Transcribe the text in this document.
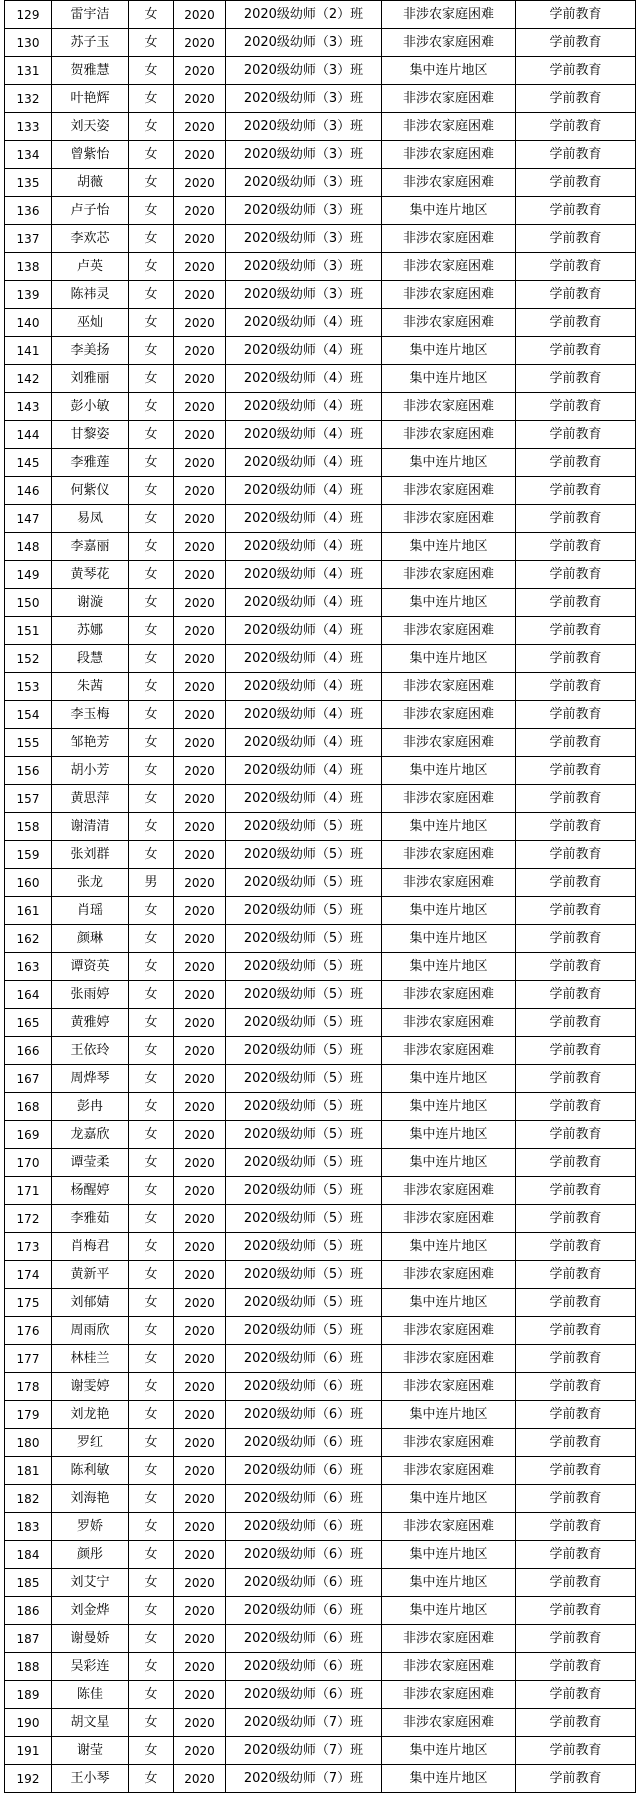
129	雷宇洁	女	2020	2020级幼师（2）班	非涉农家庭困难	学前教育
130	苏子玉	女	2020	2020级幼师（3）班	非涉农家庭困难	学前教育
131	贺雅慧	女	2020	2020级幼师（3）班	集中连片地区	学前教育
132	叶艳辉	女	2020	2020级幼师（3）班	非涉农家庭困难	学前教育
133	刘天姿	女	2020	2020级幼师（3）班	非涉农家庭困难	学前教育
134	曾紫怡	女	2020	2020级幼师（3）班	非涉农家庭困难	学前教育
135	胡薇	女	2020	2020级幼师（3）班	非涉农家庭困难	学前教育
136	卢子怡	女	2020	2020级幼师（3）班	集中连片地区	学前教育
137	李欢芯	女	2020	2020级幼师（3）班	非涉农家庭困难	学前教育
138	卢英	女	2020	2020级幼师（3）班	非涉农家庭困难	学前教育
139	陈祎灵	女	2020	2020级幼师（3）班	非涉农家庭困难	学前教育
140	巫灿	女	2020	2020级幼师（4）班	非涉农家庭困难	学前教育
141	李美扬	女	2020	2020级幼师（4）班	集中连片地区	学前教育
142	刘雅丽	女	2020	2020级幼师（4）班	集中连片地区	学前教育
143	彭小敏	女	2020	2020级幼师（4）班	非涉农家庭困难	学前教育
144	甘黎姿	女	2020	2020级幼师（4）班	非涉农家庭困难	学前教育
145	李雅莲	女	2020	2020级幼师（4）班	集中连片地区	学前教育
146	何紫仪	女	2020	2020级幼师（4）班	非涉农家庭困难	学前教育
147	易凤	女	2020	2020级幼师（4）班	非涉农家庭困难	学前教育
148	李嘉丽	女	2020	2020级幼师（4）班	集中连片地区	学前教育
149	黄琴花	女	2020	2020级幼师（4）班	非涉农家庭困难	学前教育
150	谢漩	女	2020	2020级幼师（4）班	集中连片地区	学前教育
151	苏娜	女	2020	2020级幼师（4）班	非涉农家庭困难	学前教育
152	段慧	女	2020	2020级幼师（4）班	集中连片地区	学前教育
153	朱茜	女	2020	2020级幼师（4）班	非涉农家庭困难	学前教育
154	李玉梅	女	2020	2020级幼师（4）班	非涉农家庭困难	学前教育
155	邹艳芳	女	2020	2020级幼师（4）班	非涉农家庭困难	学前教育
156	胡小芳	女	2020	2020级幼师（4）班	集中连片地区	学前教育
157	黄思萍	女	2020	2020级幼师（4）班	非涉农家庭困难	学前教育
158	谢清清	女	2020	2020级幼师（5）班	集中连片地区	学前教育
159	张刘群	女	2020	2020级幼师（5）班	非涉农家庭困难	学前教育
160	张龙	男	2020	2020级幼师（5）班	非涉农家庭困难	学前教育
161	肖瑶	女	2020	2020级幼师（5）班	集中连片地区	学前教育
162	颜琳	女	2020	2020级幼师（5）班	集中连片地区	学前教育
163	谭资英	女	2020	2020级幼师（5）班	集中连片地区	学前教育
164	张雨婷	女	2020	2020级幼师（5）班	非涉农家庭困难	学前教育
165	黄雅婷	女	2020	2020级幼师（5）班	非涉农家庭困难	学前教育
166	王依玲	女	2020	2020级幼师（5）班	非涉农家庭困难	学前教育
167	周烨琴	女	2020	2020级幼师（5）班	集中连片地区	学前教育
168	彭冉	女	2020	2020级幼师（5）班	集中连片地区	学前教育
169	龙嘉欣	女	2020	2020级幼师（5）班	集中连片地区	学前教育
170	谭莹柔	女	2020	2020级幼师（5）班	集中连片地区	学前教育
171	杨醒婷	女	2020	2020级幼师（5）班	非涉农家庭困难	学前教育
172	李雅茹	女	2020	2020级幼师（5）班	非涉农家庭困难	学前教育
173	肖梅君	女	2020	2020级幼师（5）班	集中连片地区	学前教育
174	黄新平	女	2020	2020级幼师（5）班	非涉农家庭困难	学前教育
175	刘郁婧	女	2020	2020级幼师（5）班	集中连片地区	学前教育
176	周雨欣	女	2020	2020级幼师（5）班	非涉农家庭困难	学前教育
177	林桂兰	女	2020	2020级幼师（6）班	非涉农家庭困难	学前教育
178	谢雯婷	女	2020	2020级幼师（6）班	非涉农家庭困难	学前教育
179	刘龙艳	女	2020	2020级幼师（6）班	集中连片地区	学前教育
180	罗红	女	2020	2020级幼师（6）班	非涉农家庭困难	学前教育
181	陈利敏	女	2020	2020级幼师（6）班	非涉农家庭困难	学前教育
182	刘海艳	女	2020	2020级幼师（6）班	集中连片地区	学前教育
183	罗娇	女	2020	2020级幼师（6）班	非涉农家庭困难	学前教育
184	颜彤	女	2020	2020级幼师（6）班	集中连片地区	学前教育
185	刘艾宁	女	2020	2020级幼师（6）班	集中连片地区	学前教育
186	刘金烨	女	2020	2020级幼师（6）班	集中连片地区	学前教育
187	谢曼娇	女	2020	2020级幼师（6）班	非涉农家庭困难	学前教育
188	吴彩连	女	2020	2020级幼师（6）班	非涉农家庭困难	学前教育
189	陈佳	女	2020	2020级幼师（6）班	非涉农家庭困难	学前教育
190	胡文星	女	2020	2020级幼师（7）班	非涉农家庭困难	学前教育
191	谢莹	女	2020	2020级幼师（7）班	集中连片地区	学前教育
192	王小琴	女	2020	2020级幼师（7）班	集中连片地区	学前教育
